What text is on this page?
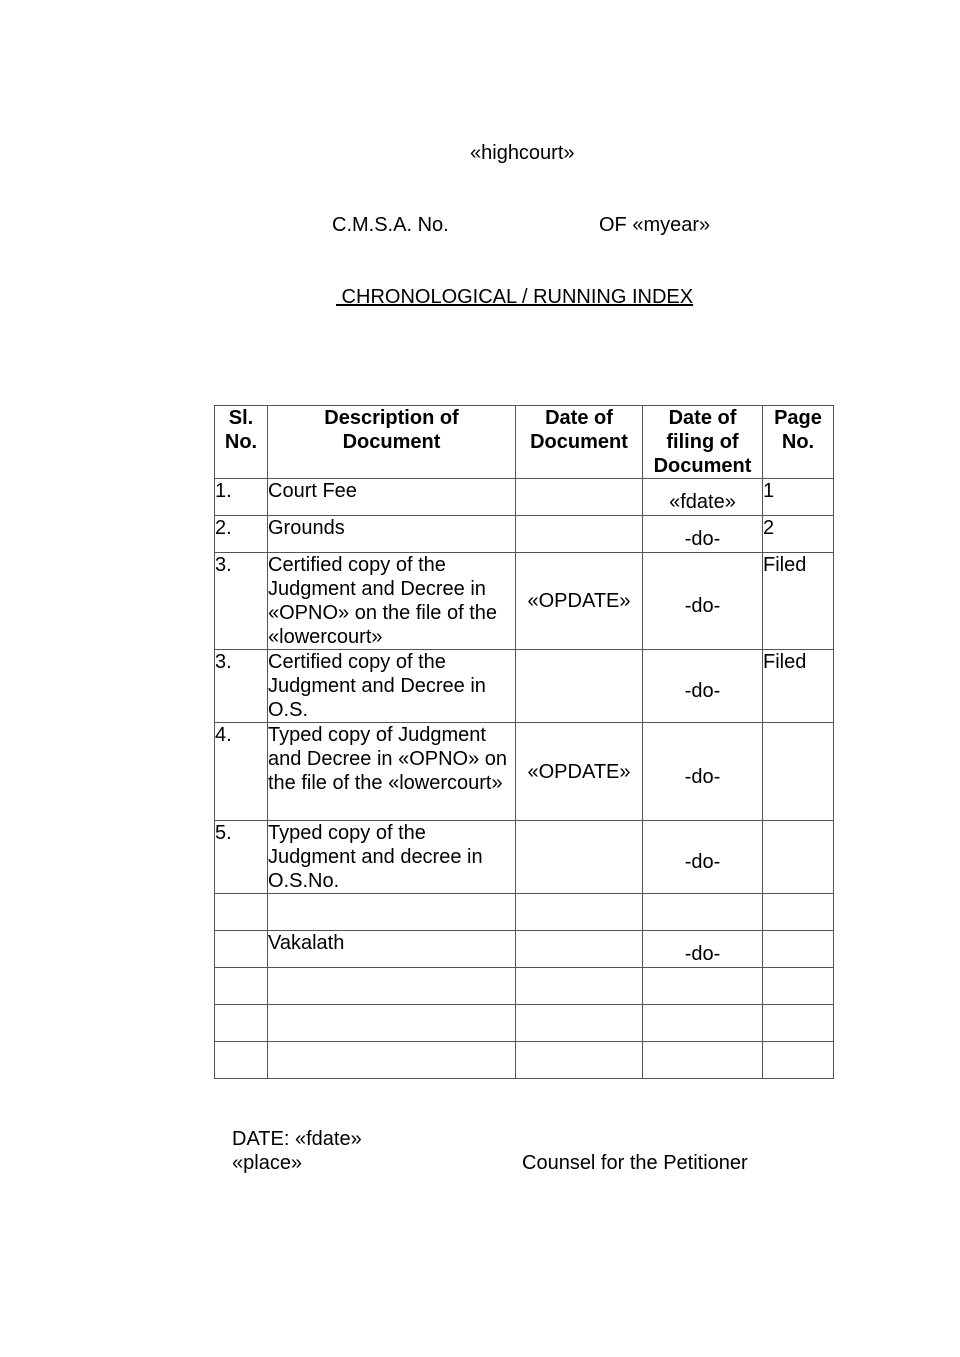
«highcourt»
C.M.S.A. No.	OF «myear»
CHRONOLOGICAL / RUNNING INDEX
Sl. No.	Description of Document	Date of Document	Date of filing of Document	Page No.
1.	Court Fee		«fdate»	1
2.	Grounds		-do-	2
3.	Certified copy of the Judgment and Decree in «OPNO» on the file of the «lowercourt»	«OPDATE»	-do-	Filed
3.	Certified copy of the Judgment and Decree in O.S.		-do-	Filed
4.	Typed copy of Judgment and Decree in «OPNO» on the file of the «lowercourt»	«OPDATE»	-do-	
5.	Typed copy of the Judgment and decree in O.S.No.		-do-	

	Vakalath		-do-	

DATE: «fdate»
«place»	Counsel for the Petitioner
